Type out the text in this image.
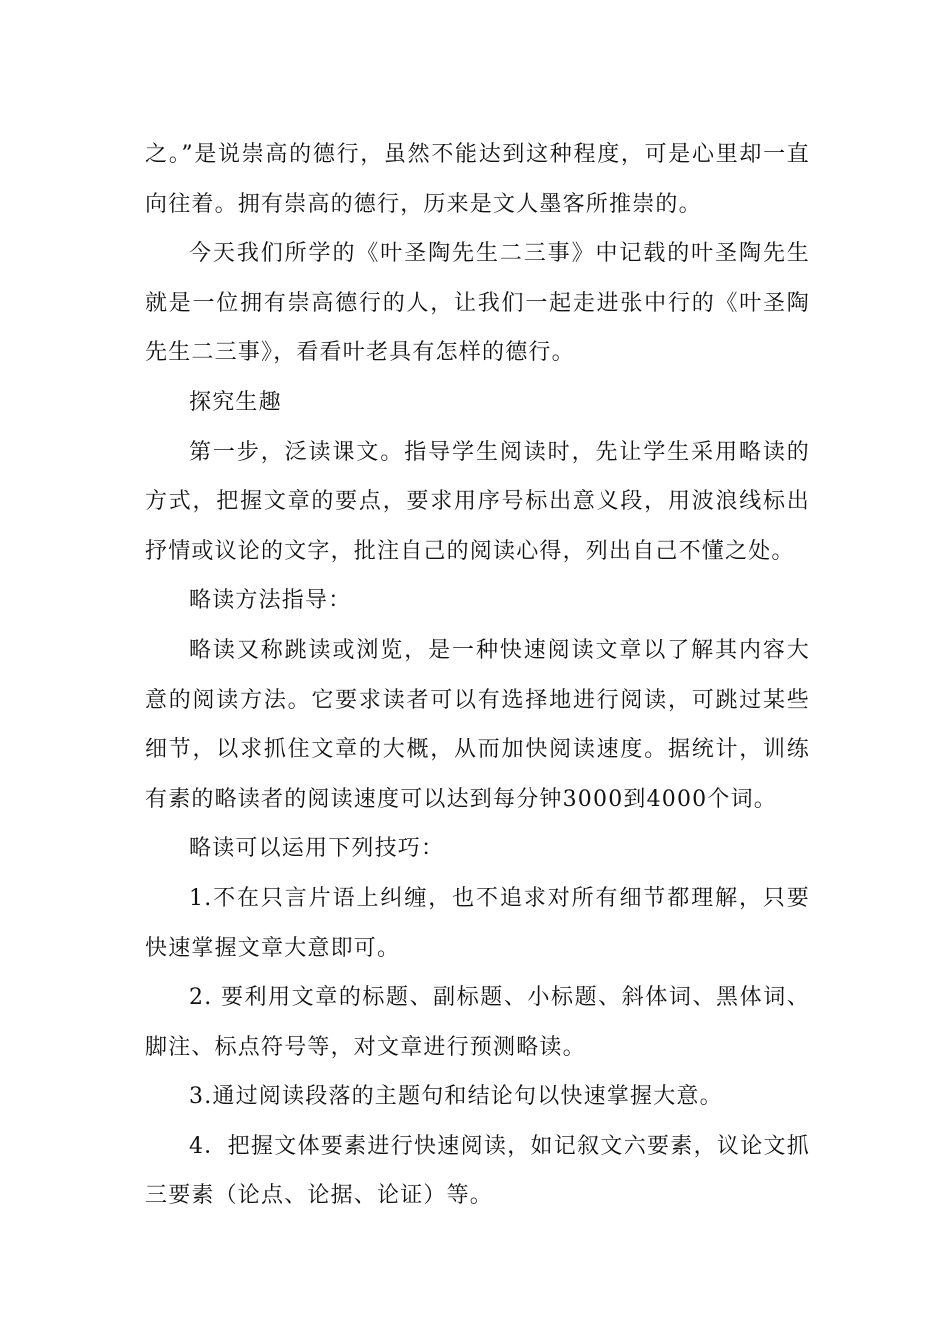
之。”是说崇高的德行，虽然不能达到这种程度，可是心里却一直向往着。拥有崇高的德行，历来是文人墨客所推崇的。

今天我们所学的《叶圣陶先生二三事》中记载的叶圣陶先生就是一位拥有崇高德行的人，让我们一起走进张中行的《叶圣陶先生二三事》，看看叶老具有怎样的德行。

探究生趣

第一步，泛读课文。指导学生阅读时，先让学生采用略读的方式，把握文章的要点，要求用序号标出意义段，用波浪线标出抒情或议论的文字，批注自己的阅读心得，列出自己不懂之处。

略读方法指导：

略读又称跳读或浏览，是一种快速阅读文章以了解其内容大意的阅读方法。它要求读者可以有选择地进行阅读，可跳过某些细节，以求抓住文章的大概，从而加快阅读速度。据统计，训练有素的略读者的阅读速度可以达到每分钟3000到4000个词。

略读可以运用下列技巧：

1.不在只言片语上纠缠，也不追求对所有细节都理解，只要快速掌握文章大意即可。

2. 要利用文章的标题、副标题、小标题、斜体词、黑体词、脚注、标点符号等，对文章进行预测略读。

3.通过阅读段落的主题句和结论句以快速掌握大意。

4．把握文体要素进行快速阅读，如记叙文六要素，议论文抓三要素（论点、论据、论证）等。
